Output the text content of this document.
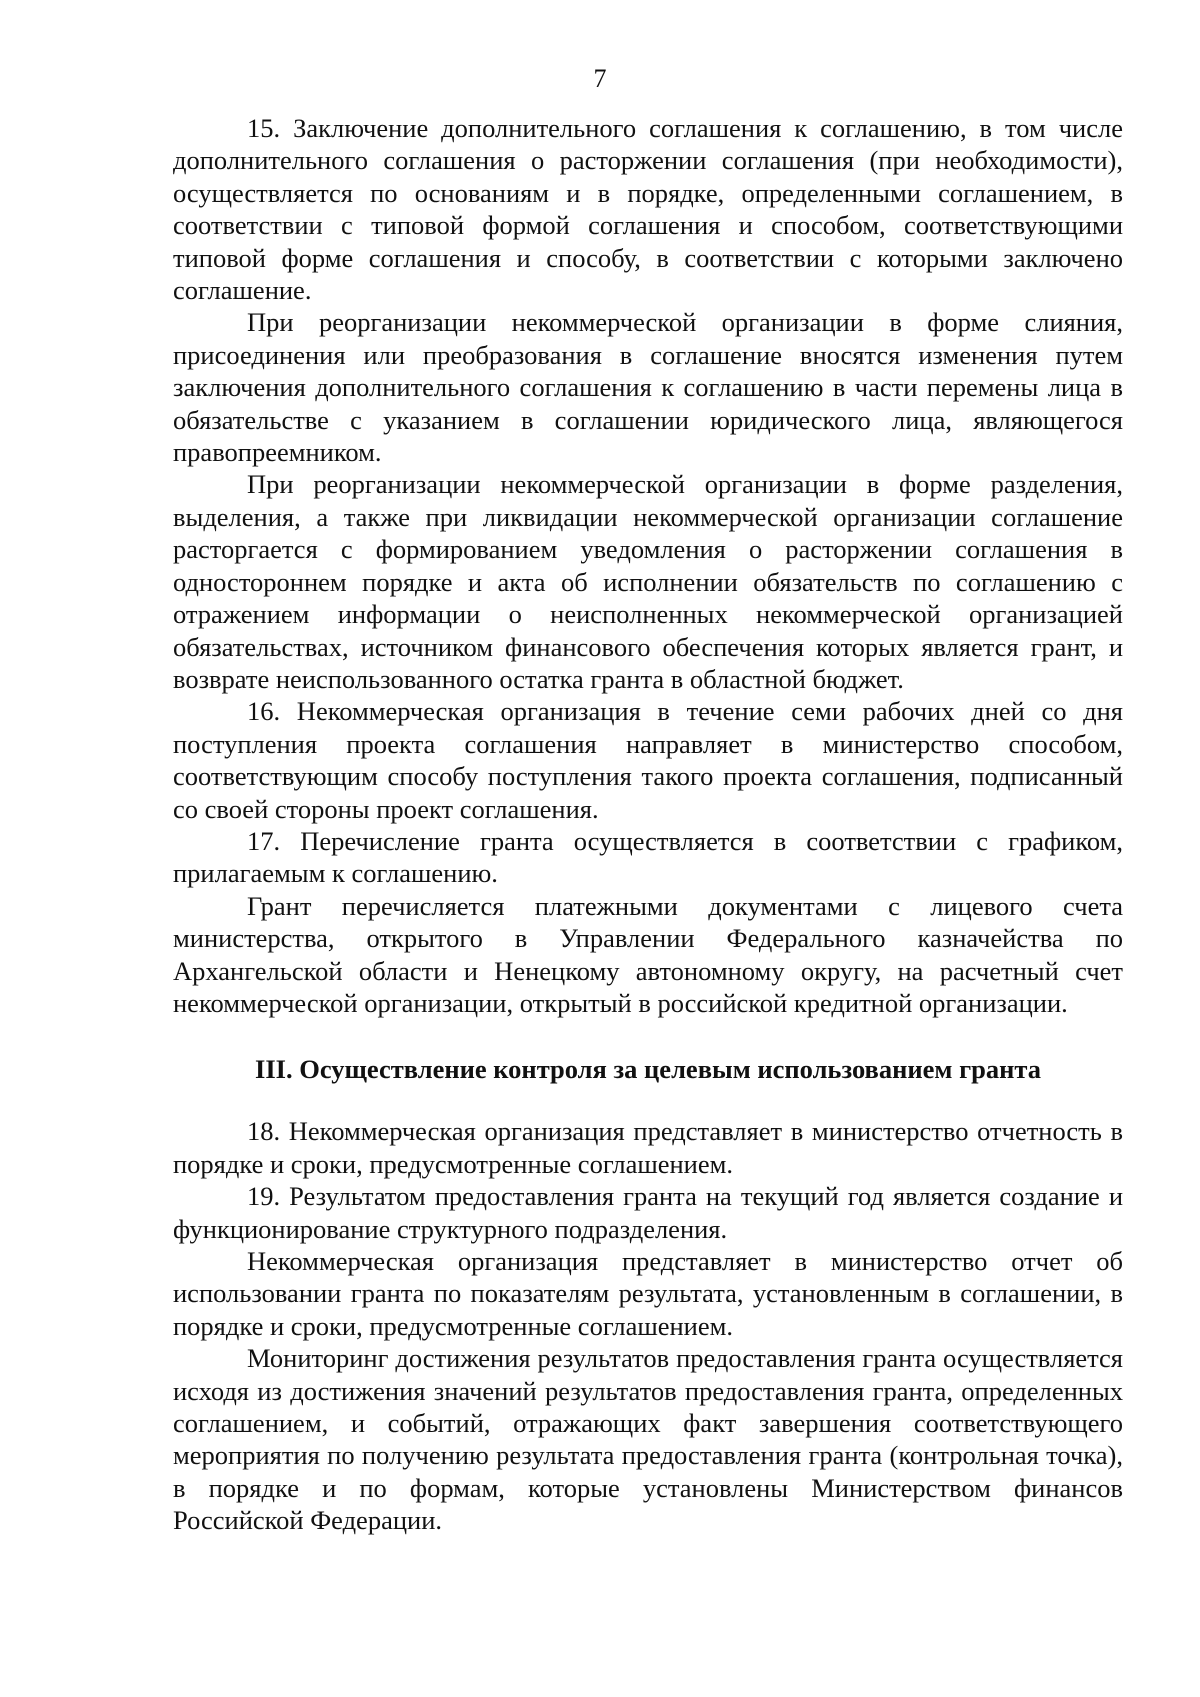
7

15. Заключение дополнительного соглашения к соглашению, в том числе дополнительного соглашения о расторжении соглашения (при необходимости), осуществляется по основаниям и в порядке, определенными соглашением, в соответствии с типовой формой соглашения и способом, соответствующими типовой форме соглашения и способу, в соответствии с которыми заключено соглашение.

При реорганизации некоммерческой организации в форме слияния, присоединения или преобразования в соглашение вносятся изменения путем заключения дополнительного соглашения к соглашению в части перемены лица в обязательстве с указанием в соглашении юридического лица, являющегося правопреемником.

При реорганизации некоммерческой организации в форме разделения, выделения, а также при ликвидации некоммерческой организации соглашение расторгается с формированием уведомления о расторжении соглашения в одностороннем порядке и акта об исполнении обязательств по соглашению с отражением информации о неисполненных некоммерческой организацией обязательствах, источником финансового обеспечения которых является грант, и возврате неиспользованного остатка гранта в областной бюджет.

16. Некоммерческая организация в течение семи рабочих дней со дня поступления проекта соглашения направляет в министерство способом, соответствующим способу поступления такого проекта соглашения, подписанный со своей стороны проект соглашения.

17. Перечисление гранта осуществляется в соответствии с графиком, прилагаемым к соглашению.

Грант перечисляется платежными документами с лицевого счета министерства, открытого в Управлении Федерального казначейства по Архангельской области и Ненецкому автономному округу, на расчетный счет некоммерческой организации, открытый в российской кредитной организации.

III. Осуществление контроля за целевым использованием гранта

18. Некоммерческая организация представляет в министерство отчетность в порядке и сроки, предусмотренные соглашением.

19. Результатом предоставления гранта на текущий год является создание и функционирование структурного подразделения.

Некоммерческая организация представляет в министерство отчет об использовании гранта по показателям результата, установленным в соглашении, в порядке и сроки, предусмотренные соглашением.

Мониторинг достижения результатов предоставления гранта осуществляется исходя из достижения значений результатов предоставления гранта, определенных соглашением, и событий, отражающих факт завершения соответствующего мероприятия по получению результата предоставления гранта (контрольная точка), в порядке и по формам, которые установлены Министерством финансов Российской Федерации.
